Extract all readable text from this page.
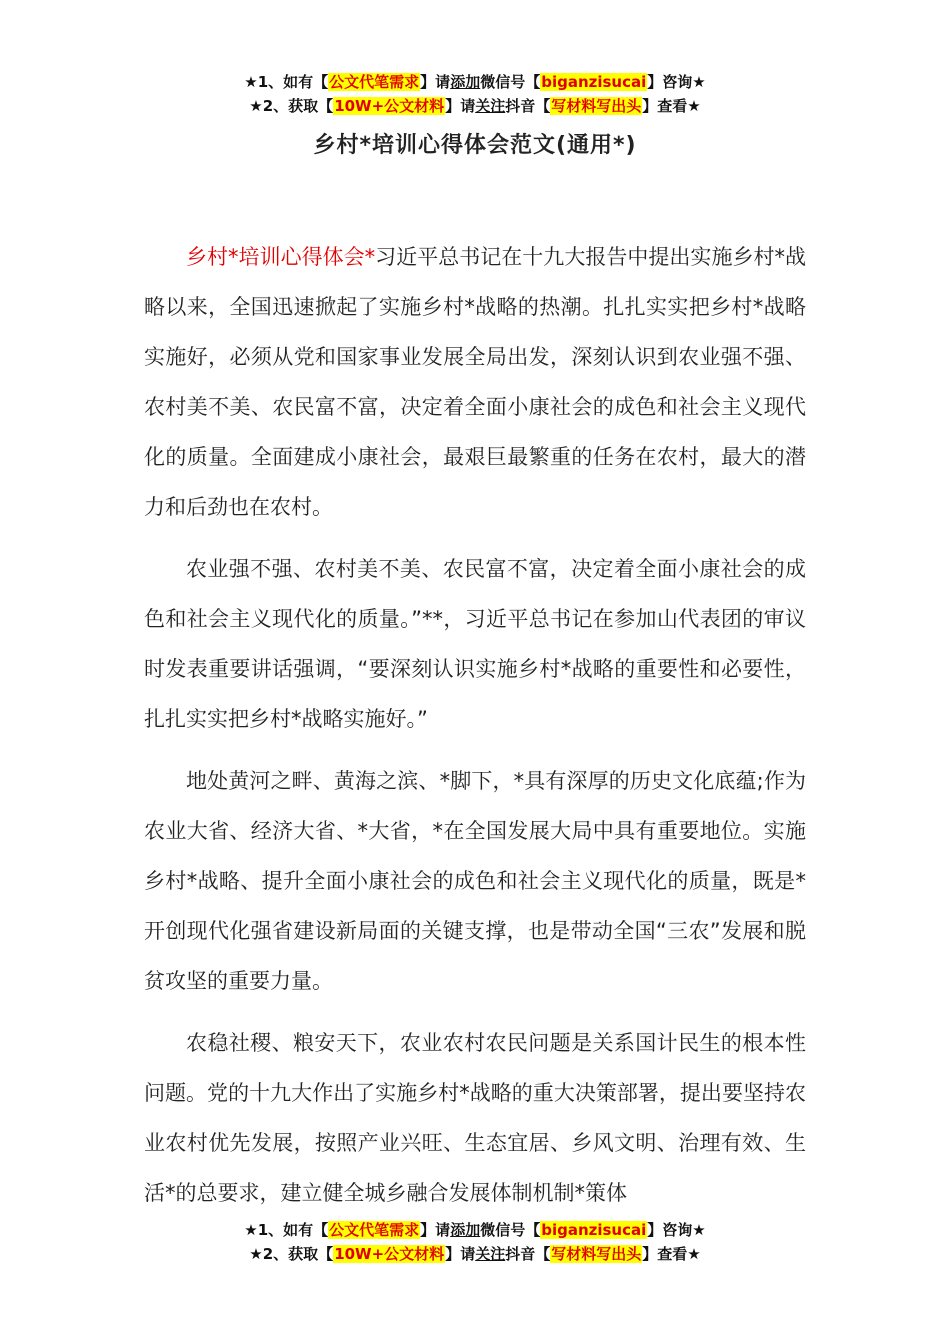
★1、如有【公文代笔需求】请添加微信号【biganzisucai】咨询★
★2、获取【10W+公文材料】请关注抖音【写材料写出头】查看★
乡村*培训心得体会范文(通用*)

乡村*培训心得体会*习近平总书记在十九大报告中提出实施乡村*战略以来，全国迅速掀起了实施乡村*战略的热潮。扎扎实实把乡村*战略实施好，必须从党和国家事业发展全局出发，深刻认识到农业强不强、农村美不美、农民富不富，决定着全面小康社会的成色和社会主义现代化的质量。全面建成小康社会，最艰巨最繁重的任务在农村，最大的潜力和后劲也在农村。

农业强不强、农村美不美、农民富不富，决定着全面小康社会的成色和社会主义现代化的质量。”**，习近平总书记在参加山代表团的审议时发表重要讲话强调，“要深刻认识实施乡村*战略的重要性和必要性，扎扎实实把乡村*战略实施好。”

地处黄河之畔、黄海之滨、*脚下，*具有深厚的历史文化底蕴;作为农业大省、经济大省、*大省，*在全国发展大局中具有重要地位。实施乡村*战略、提升全面小康社会的成色和社会主义现代化的质量，既是*开创现代化强省建设新局面的关键支撑，也是带动全国“三农”发展和脱贫攻坚的重要力量。

农稳社稷、粮安天下，农业农村农民问题是关系国计民生的根本性问题。党的十九大作出了实施乡村*战略的重大决策部署，提出要坚持农业农村优先发展，按照产业兴旺、生态宜居、乡风文明、治理有效、生活*的总要求，建立健全城乡融合发展体制机制*策体

★1、如有【公文代笔需求】请添加微信号【biganzisucai】咨询★
★2、获取【10W+公文材料】请关注抖音【写材料写出头】查看★
